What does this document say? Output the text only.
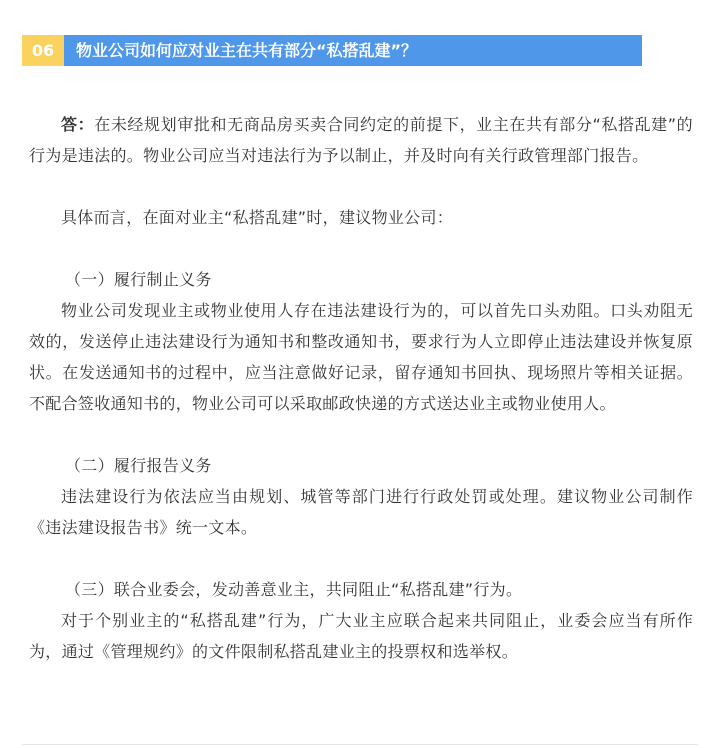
06	物业公司如何应对业主在共有部分“私搭乱建”？

答：在未经规划审批和无商品房买卖合同约定的前提下，业主在共有部分“私搭乱建”的行为是违法的。物业公司应当对违法行为予以制止，并及时向有关行政管理部门报告。

具体而言，在面对业主“私搭乱建”时，建议物业公司：

（一）履行制止义务

物业公司发现业主或物业使用人存在违法建设行为的，可以首先口头劝阻。口头劝阻无效的，发送停止违法建设行为通知书和整改通知书，要求行为人立即停止违法建设并恢复原状。在发送通知书的过程中，应当注意做好记录，留存通知书回执、现场照片等相关证据。不配合签收通知书的，物业公司可以采取邮政快递的方式送达业主或物业使用人。

（二）履行报告义务

违法建设行为依法应当由规划、城管等部门进行行政处罚或处理。建议物业公司制作《违法建设报告书》统一文本。

（三）联合业委会，发动善意业主，共同阻止“私搭乱建”行为。

对于个别业主的“私搭乱建”行为，广大业主应联合起来共同阻止，业委会应当有所作为，通过《管理规约》的文件限制私搭乱建业主的投票权和选举权。
